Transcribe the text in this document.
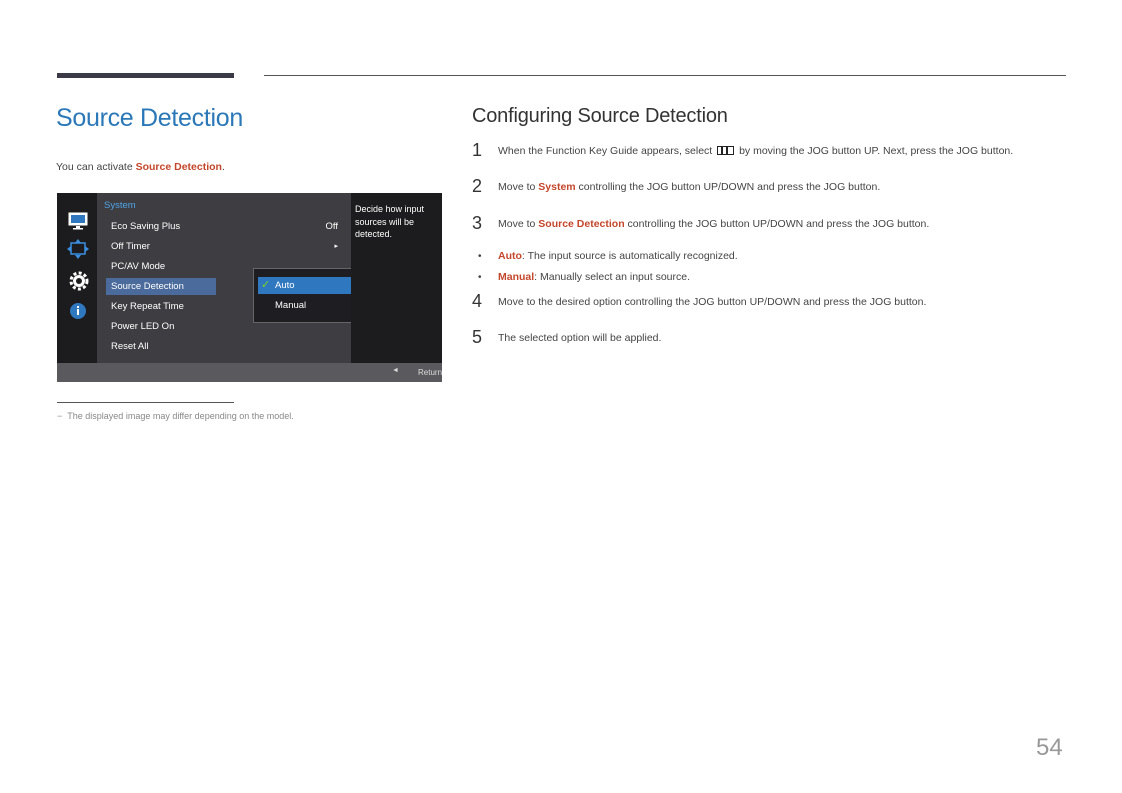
Source Detection
You can activate Source Detection.
System
Eco Saving Plus	Off
Off Timer	▸
PC/AV Mode
Source Detection
Key Repeat Time
Power LED On
Reset All
✓ Auto
Manual
Decide how input sources will be detected.
◄ Return
− The displayed image may differ depending on the model.
Configuring Source Detection
1 When the Function Key Guide appears, select	by moving the JOG button UP. Next, press the JOG button.
2 Move to System controlling the JOG button UP/DOWN and press the JOG button.
3 Move to Source Detection controlling the JOG button UP/DOWN and press the JOG button.
• Auto: The input source is automatically recognized.
• Manual: Manually select an input source.
4 Move to the desired option controlling the JOG button UP/DOWN and press the JOG button.
5 The selected option will be applied.
54
